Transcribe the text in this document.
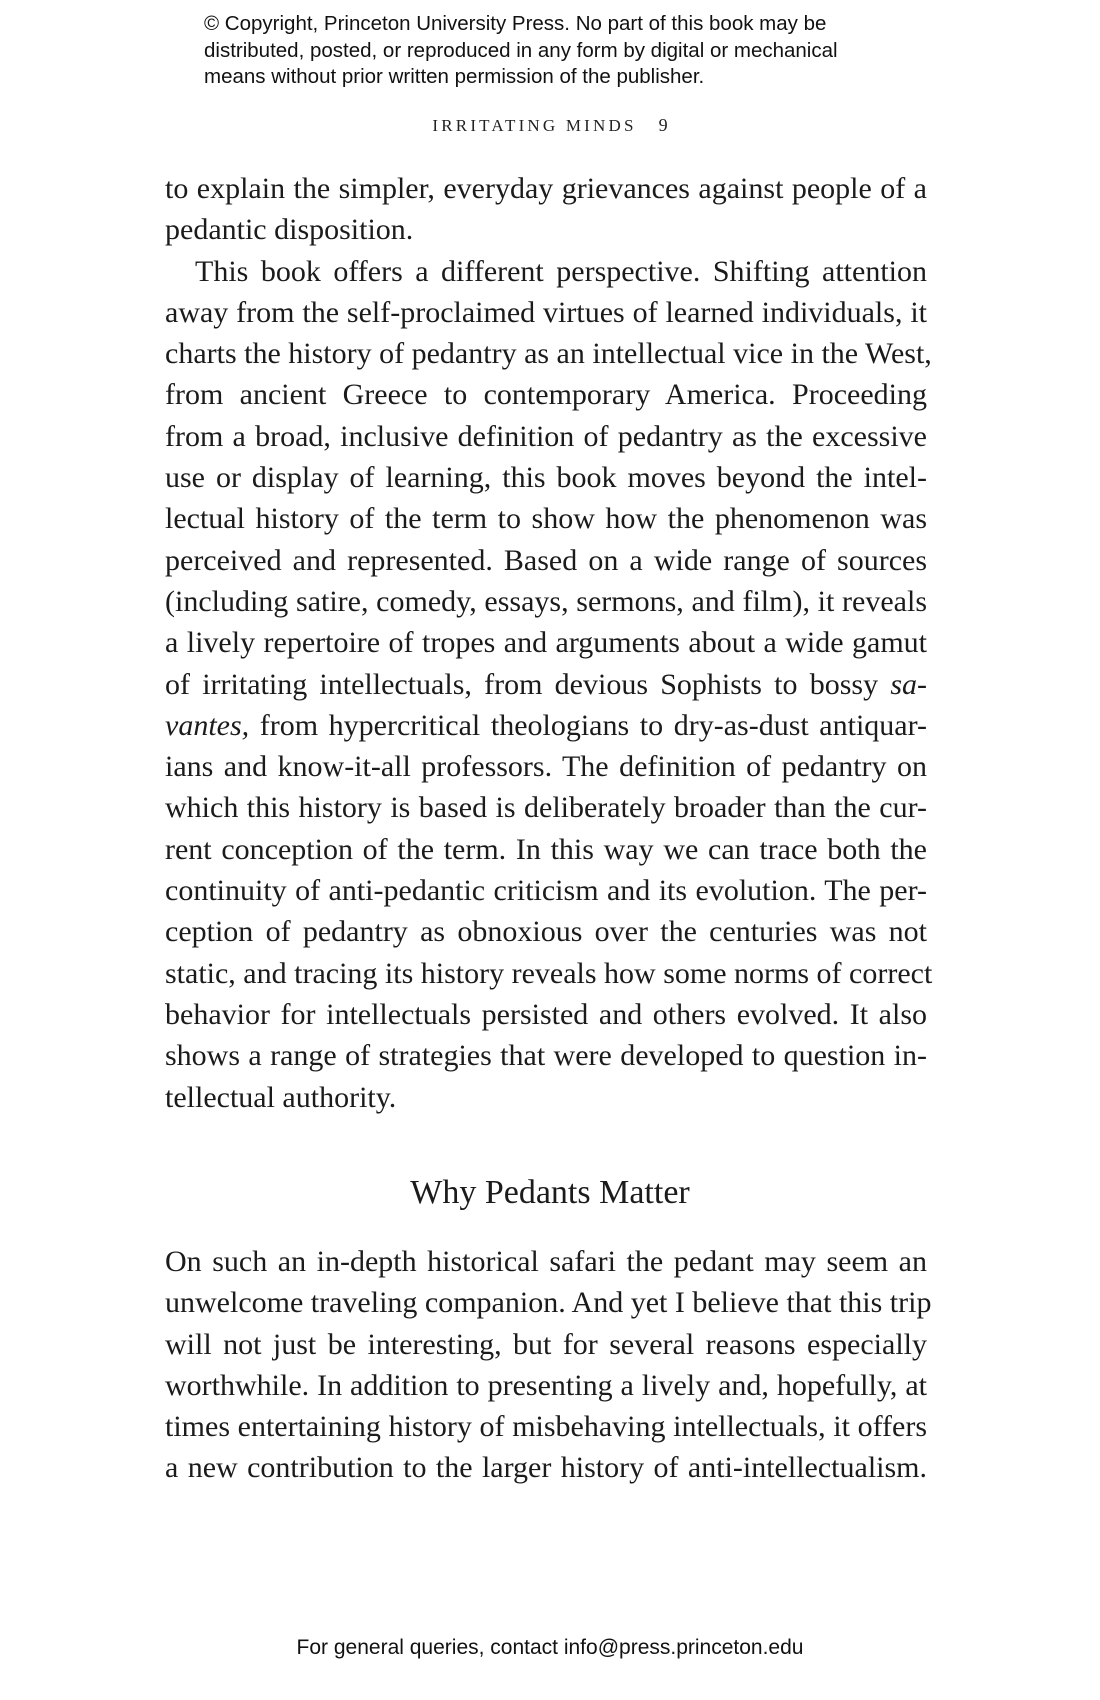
© Copyright, Princeton University Press. No part of this book may be
distributed, posted, or reproduced in any form by digital or mechanical
means without prior written permission of the publisher.
IRRITATING MINDS 9
to explain the simpler, everyday grievances against people of a
pedantic disposition.
This book offers a different perspective. Shifting attention
away from the self-proclaimed virtues of learned individuals, it
charts the history of pedantry as an intellectual vice in the West,
from ancient Greece to contemporary America. Proceeding
from a broad, inclusive definition of pedantry as the excessive
use or display of learning, this book moves beyond the intel-
lectual history of the term to show how the phenomenon was
perceived and represented. Based on a wide range of sources
(including satire, comedy, essays, sermons, and film), it reveals
a lively repertoire of tropes and arguments about a wide gamut
of irritating intellectuals, from devious Sophists to bossy sa-
vantes, from hypercritical theologians to dry-as-dust antiquar-
ians and know-it-all professors. The definition of pedantry on
which this history is based is deliberately broader than the cur-
rent conception of the term. In this way we can trace both the
continuity of anti-pedantic criticism and its evolution. The per-
ception of pedantry as obnoxious over the centuries was not
static, and tracing its history reveals how some norms of correct
behavior for intellectuals persisted and others evolved. It also
shows a range of strategies that were developed to question in-
tellectual authority.
Why Pedants Matter
On such an in-depth historical safari the pedant may seem an
unwelcome traveling companion. And yet I believe that this trip
will not just be interesting, but for several reasons especially
worthwhile. In addition to presenting a lively and, hopefully, at
times entertaining history of misbehaving intellectuals, it offers
a new contribution to the larger history of anti-intellectualism.
For general queries, contact info@press.princeton.edu
